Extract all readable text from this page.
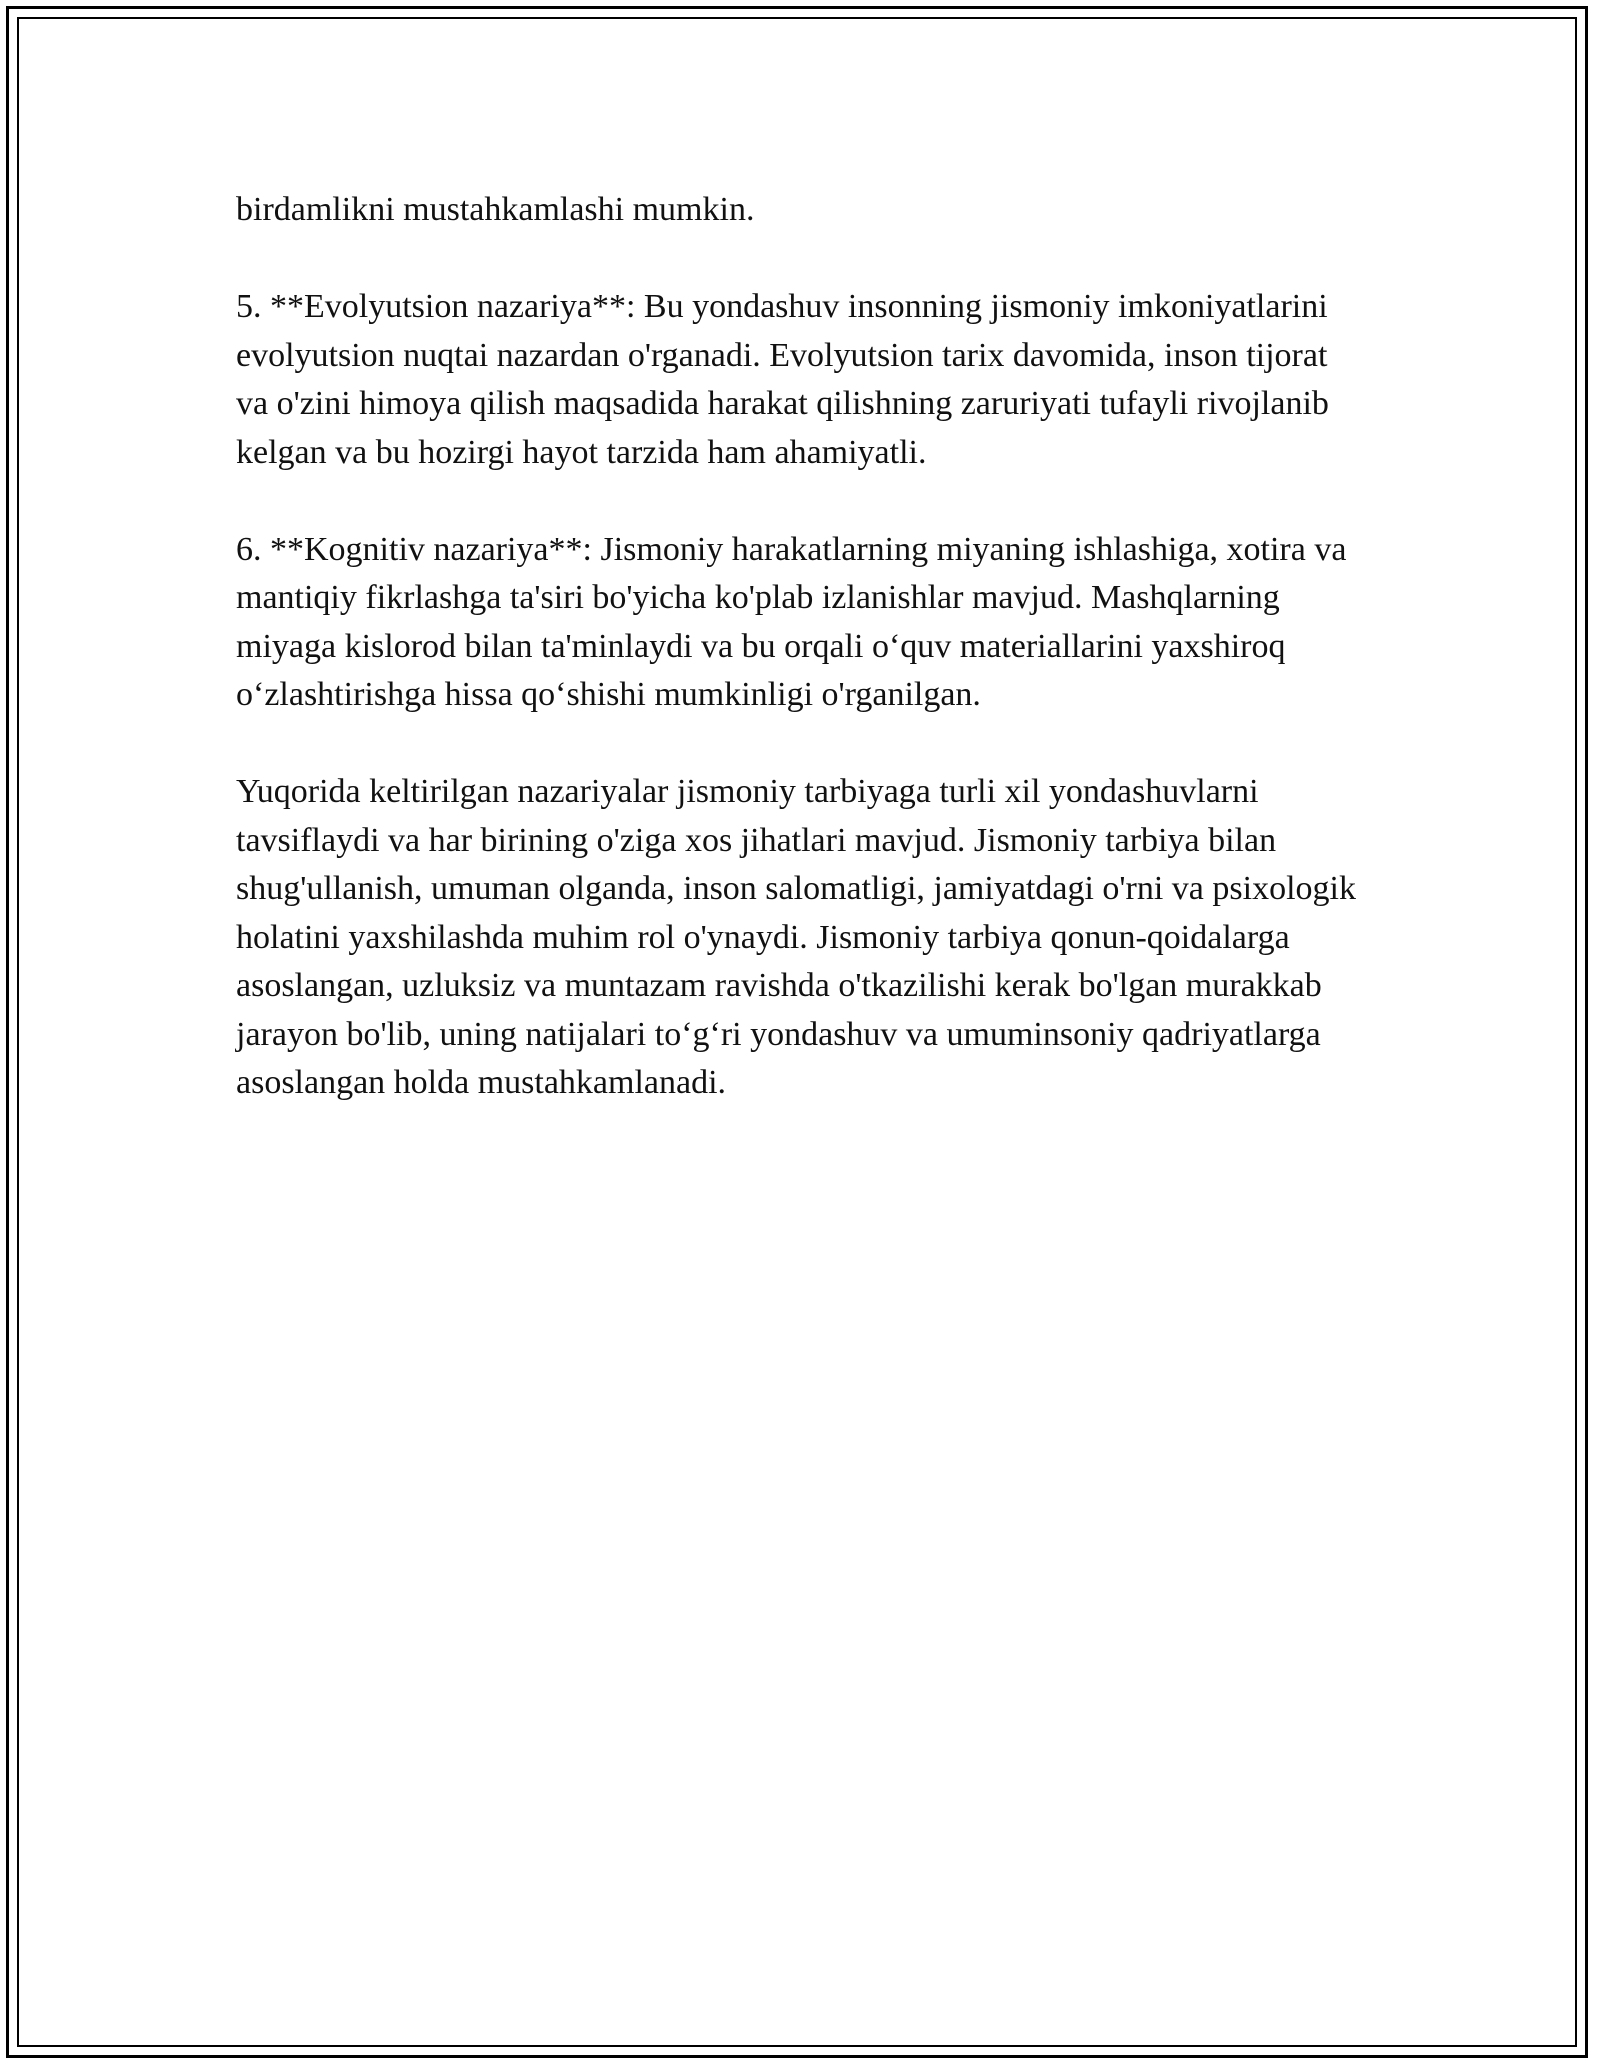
birdamlikni mustahkamlashi mumkin.

5. **Evolyutsion nazariya**: Bu yondashuv insonning jismoniy imkoniyatlarini evolyutsion nuqtai nazardan o'rganadi. Evolyutsion tarix davomida, inson tijorat va o'zini himoya qilish maqsadida harakat qilishning zaruriyati tufayli rivojlanib kelgan va bu hozirgi hayot tarzida ham ahamiyatli.

6. **Kognitiv nazariya**: Jismoniy harakatlarning miyaning ishlashiga, xotira va mantiqiy fikrlashga ta'siri bo'yicha ko'plab izlanishlar mavjud. Mashqlarning miyaga kislorod bilan ta'minlaydi va bu orqali oʻquv materiallarini yaxshiroq oʻzlashtirishga hissa qoʻshishi mumkinligi o'rganilgan.

Yuqorida keltirilgan nazariyalar jismoniy tarbiyaga turli xil yondashuvlarni tavsiflaydi va har birining o'ziga xos jihatlari mavjud. Jismoniy tarbiya bilan shug'ullanish, umuman olganda, inson salomatligi, jamiyatdagi o'rni va psixologik holatini yaxshilashda muhim rol o'ynaydi. Jismoniy tarbiya qonun-qoidalarga asoslangan, uzluksiz va muntazam ravishda o'tkazilishi kerak bo'lgan murakkab jarayon bo'lib, uning natijalari toʻgʻri yondashuv va umuminsoniy qadriyatlarga asoslangan holda mustahkamlanadi.
